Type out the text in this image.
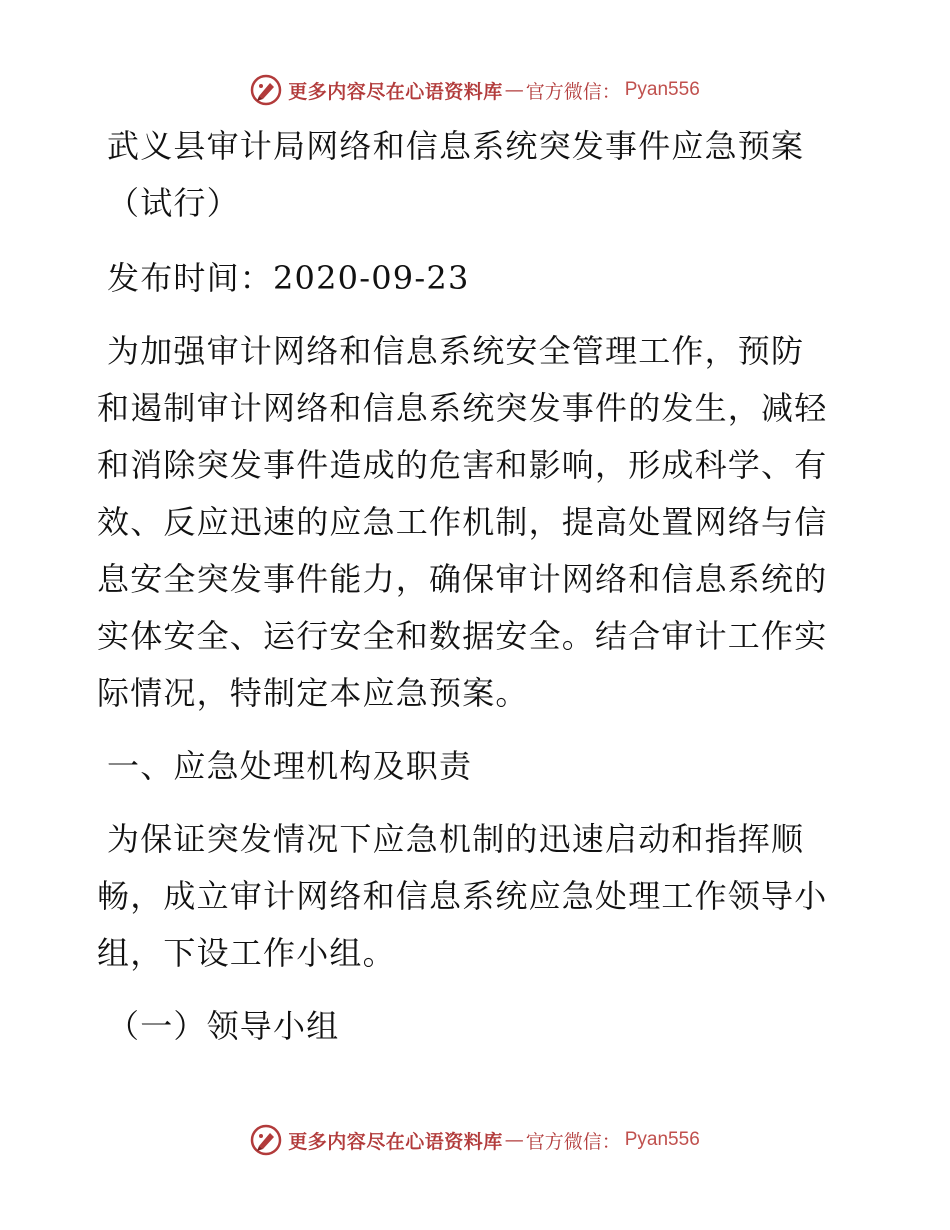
更多内容尽在心语资料库 — 官方微信： Pyan556

武义县审计局网络和信息系统突发事件应急预案

（试行）

发布时间：2020-09-23

为加强审计网络和信息系统安全管理工作，预防

和遏制审计网络和信息系统突发事件的发生，减轻

和消除突发事件造成的危害和影响，形成科学、有

效、反应迅速的应急工作机制，提高处置网络与信

息安全突发事件能力，确保审计网络和信息系统的

实体安全、运行安全和数据安全。结合审计工作实

际情况，特制定本应急预案。

一、应急处理机构及职责

为保证突发情况下应急机制的迅速启动和指挥顺

畅，成立审计网络和信息系统应急处理工作领导小

组，下设工作小组。

（一）领导小组

更多内容尽在心语资料库 — 官方微信： Pyan556
